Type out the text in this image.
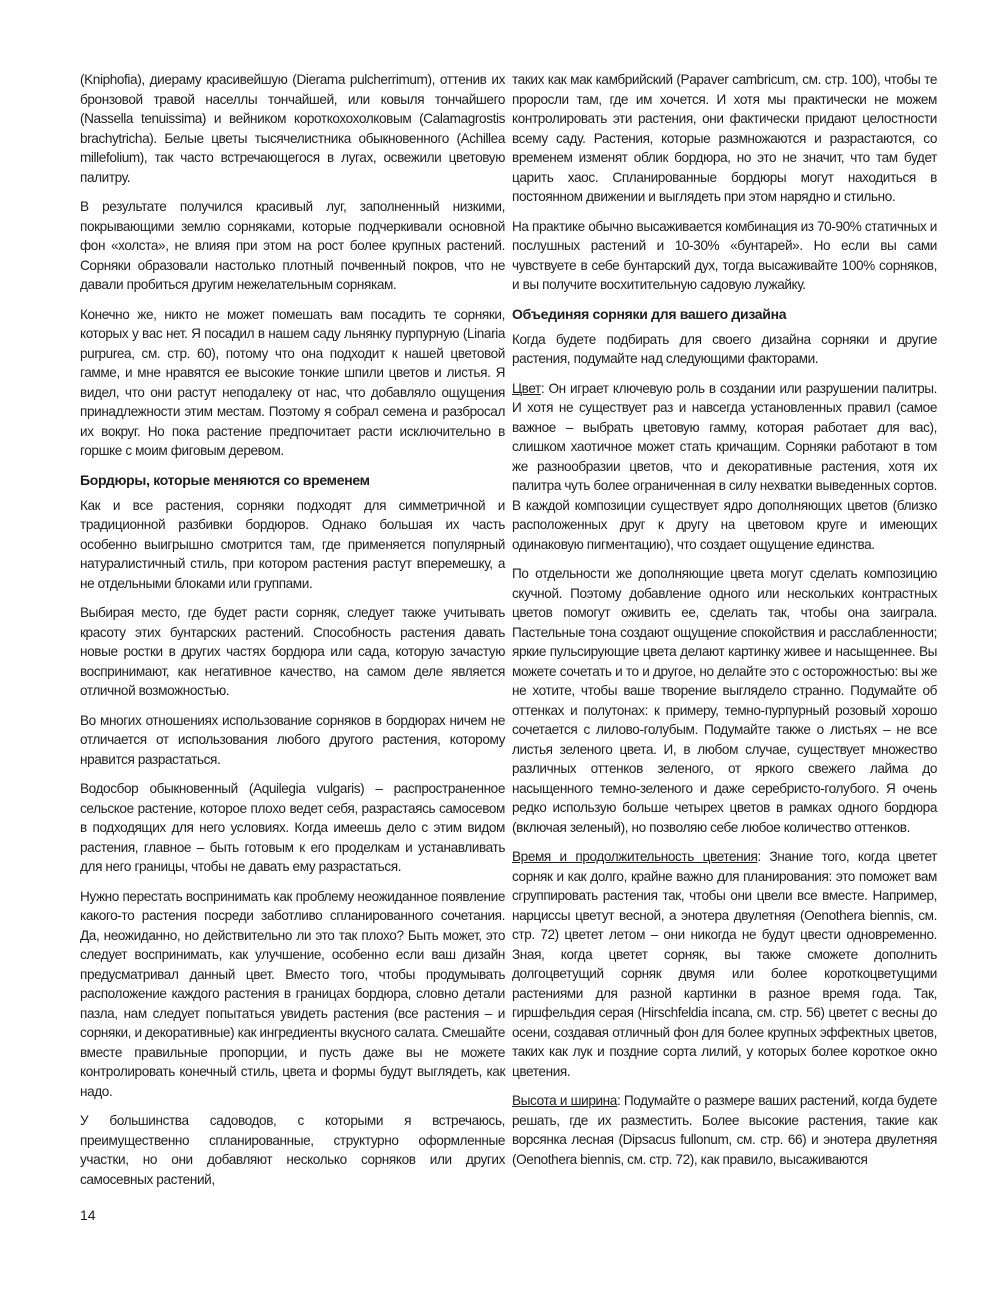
(Kniphofia), диераму красивейшую (Dierama pulcherrimum), оттенив их бронзовой травой населлы тончайшей, или ковыля тончайшего (Nassella tenuissima) и вейником короткохохолковым (Calamagrostis brachytricha). Белые цветы тысячелистника обыкновенного (Achillea millefolium), так часто встречающегося в лугах, освежили цветовую палитру.

В результате получился красивый луг, заполненный низкими, покрывающими землю сорняками, которые подчеркивали основной фон «холста», не влияя при этом на рост более крупных растений. Сорняки образовали настолько плотный почвенный покров, что не давали пробиться другим нежелательным сорнякам.

Конечно же, никто не может помешать вам посадить те сорняки, которых у вас нет. Я посадил в нашем саду льнянку пурпурную (Linaria purpurea, см. стр. 60), потому что она подходит к нашей цветовой гамме, и мне нравятся ее высокие тонкие шпили цветов и листья. Я видел, что они растут неподалеку от нас, что добавляло ощущения принадлежности этим местам. Поэтому я собрал семена и разбросал их вокруг. Но пока растение предпочитает расти исключительно в горшке с моим фиговым деревом.

Бордюры, которые меняются со временем

Как и все растения, сорняки подходят для симметричной и традиционной разбивки бордюров. Однако большая их часть особенно выигрышно смотрится там, где применяется популярный натуралистичный стиль, при котором растения растут вперемешку, а не отдельными блоками или группами.

Выбирая место, где будет расти сорняк, следует также учитывать красоту этих бунтарских растений. Способность растения давать новые ростки в других частях бордюра или сада, которую зачастую воспринимают, как негативное качество, на самом деле является отличной возможностью.

Во многих отношениях использование сорняков в бордюрах ничем не отличается от использования любого другого растения, которому нравится разрастаться.

Водосбор обыкновенный (Aquilegia vulgaris) – распространенное сельское растение, которое плохо ведет себя, разрастаясь самосевом в подходящих для него условиях. Когда имеешь дело с этим видом растения, главное – быть готовым к его проделкам и устанавливать для него границы, чтобы не давать ему разрастаться.

Нужно перестать воспринимать как проблему неожиданное появление какого-то растения посреди заботливо спланированного сочетания. Да, неожиданно, но действительно ли это так плохо? Быть может, это следует воспринимать, как улучшение, особенно если ваш дизайн предусматривал данный цвет. Вместо того, чтобы продумывать расположение каждого растения в границах бордюра, словно детали пазла, нам следует попытаться увидеть растения (все растения – и сорняки, и декоративные) как ингредиенты вкусного салата. Смешайте вместе правильные пропорции, и пусть даже вы не можете контролировать конечный стиль, цвета и формы будут выглядеть, как надо.

У большинства садоводов, с которыми я встречаюсь, преимущественно спланированные, структурно оформленные участки, но они добавляют несколько сорняков или других самосевных растений,

таких как мак камбрийский (Papaver cambricum, см. стр. 100), чтобы те проросли там, где им хочется. И хотя мы практически не можем контролировать эти растения, они фактически придают целостности всему саду. Растения, которые размножаются и разрастаются, со временем изменят облик бордюра, но это не значит, что там будет царить хаос. Спланированные бордюры могут находиться в постоянном движении и выглядеть при этом нарядно и стильно.

На практике обычно высаживается комбинация из 70-90% статичных и послушных растений и 10-30% «бунтарей». Но если вы сами чувствуете в себе бунтарский дух, тогда высаживайте 100% сорняков, и вы получите восхитительную садовую лужайку.

Объединяя сорняки для вашего дизайна

Когда будете подбирать для своего дизайна сорняки и другие растения, подумайте над следующими факторами.

Цвет: Он играет ключевую роль в создании или разрушении палитры. И хотя не существует раз и навсегда установленных правил (самое важное – выбрать цветовую гамму, которая работает для вас), слишком хаотичное может стать кричащим. Сорняки работают в том же разнообразии цветов, что и декоративные растения, хотя их палитра чуть более ограниченная в силу нехватки выведенных сортов. В каждой композиции существует ядро дополняющих цветов (близко расположенных друг к другу на цветовом круге и имеющих одинаковую пигментацию), что создает ощущение единства.

По отдельности же дополняющие цвета могут сделать композицию скучной. Поэтому добавление одного или нескольких контрастных цветов помогут оживить ее, сделать так, чтобы она заиграла. Пастельные тона создают ощущение спокойствия и расслабленности; яркие пульсирующие цвета делают картинку живее и насыщеннее. Вы можете сочетать и то и другое, но делайте это с осторожностью: вы же не хотите, чтобы ваше творение выглядело странно. Подумайте об оттенках и полутонах: к примеру, темно-пурпурный розовый хорошо сочетается с лилово-голубым. Подумайте также о листьях – не все листья зеленого цвета. И, в любом случае, существует множество различных оттенков зеленого, от яркого свежего лайма до насыщенного темно-зеленого и даже серебристо-голубого. Я очень редко использую больше четырех цветов в рамках одного бордюра (включая зеленый), но позволяю себе любое количество оттенков.

Время и продолжительность цветения: Знание того, когда цветет сорняк и как долго, крайне важно для планирования: это поможет вам сгруппировать растения так, чтобы они цвели все вместе. Например, нарциссы цветут весной, а энотера двулетняя (Oenothera biennis, см. стр. 72) цветет летом – они никогда не будут цвести одновременно. Зная, когда цветет сорняк, вы также сможете дополнить долгоцветущий сорняк двумя или более короткоцветущими растениями для разной картинки в разное время года. Так, гиршфельдия серая (Hirschfeldia incana, см. стр. 56) цветет с весны до осени, создавая отличный фон для более крупных эффектных цветов, таких как лук и поздние сорта лилий, у которых более короткое окно цветения.

Высота и ширина: Подумайте о размере ваших растений, когда будете решать, где их разместить. Более высокие растения, такие как ворсянка лесная (Dipsacus fullonum, см. стр. 66) и энотера двулетняя (Oenothera biennis, см. стр. 72), как правило, высаживаются

14
